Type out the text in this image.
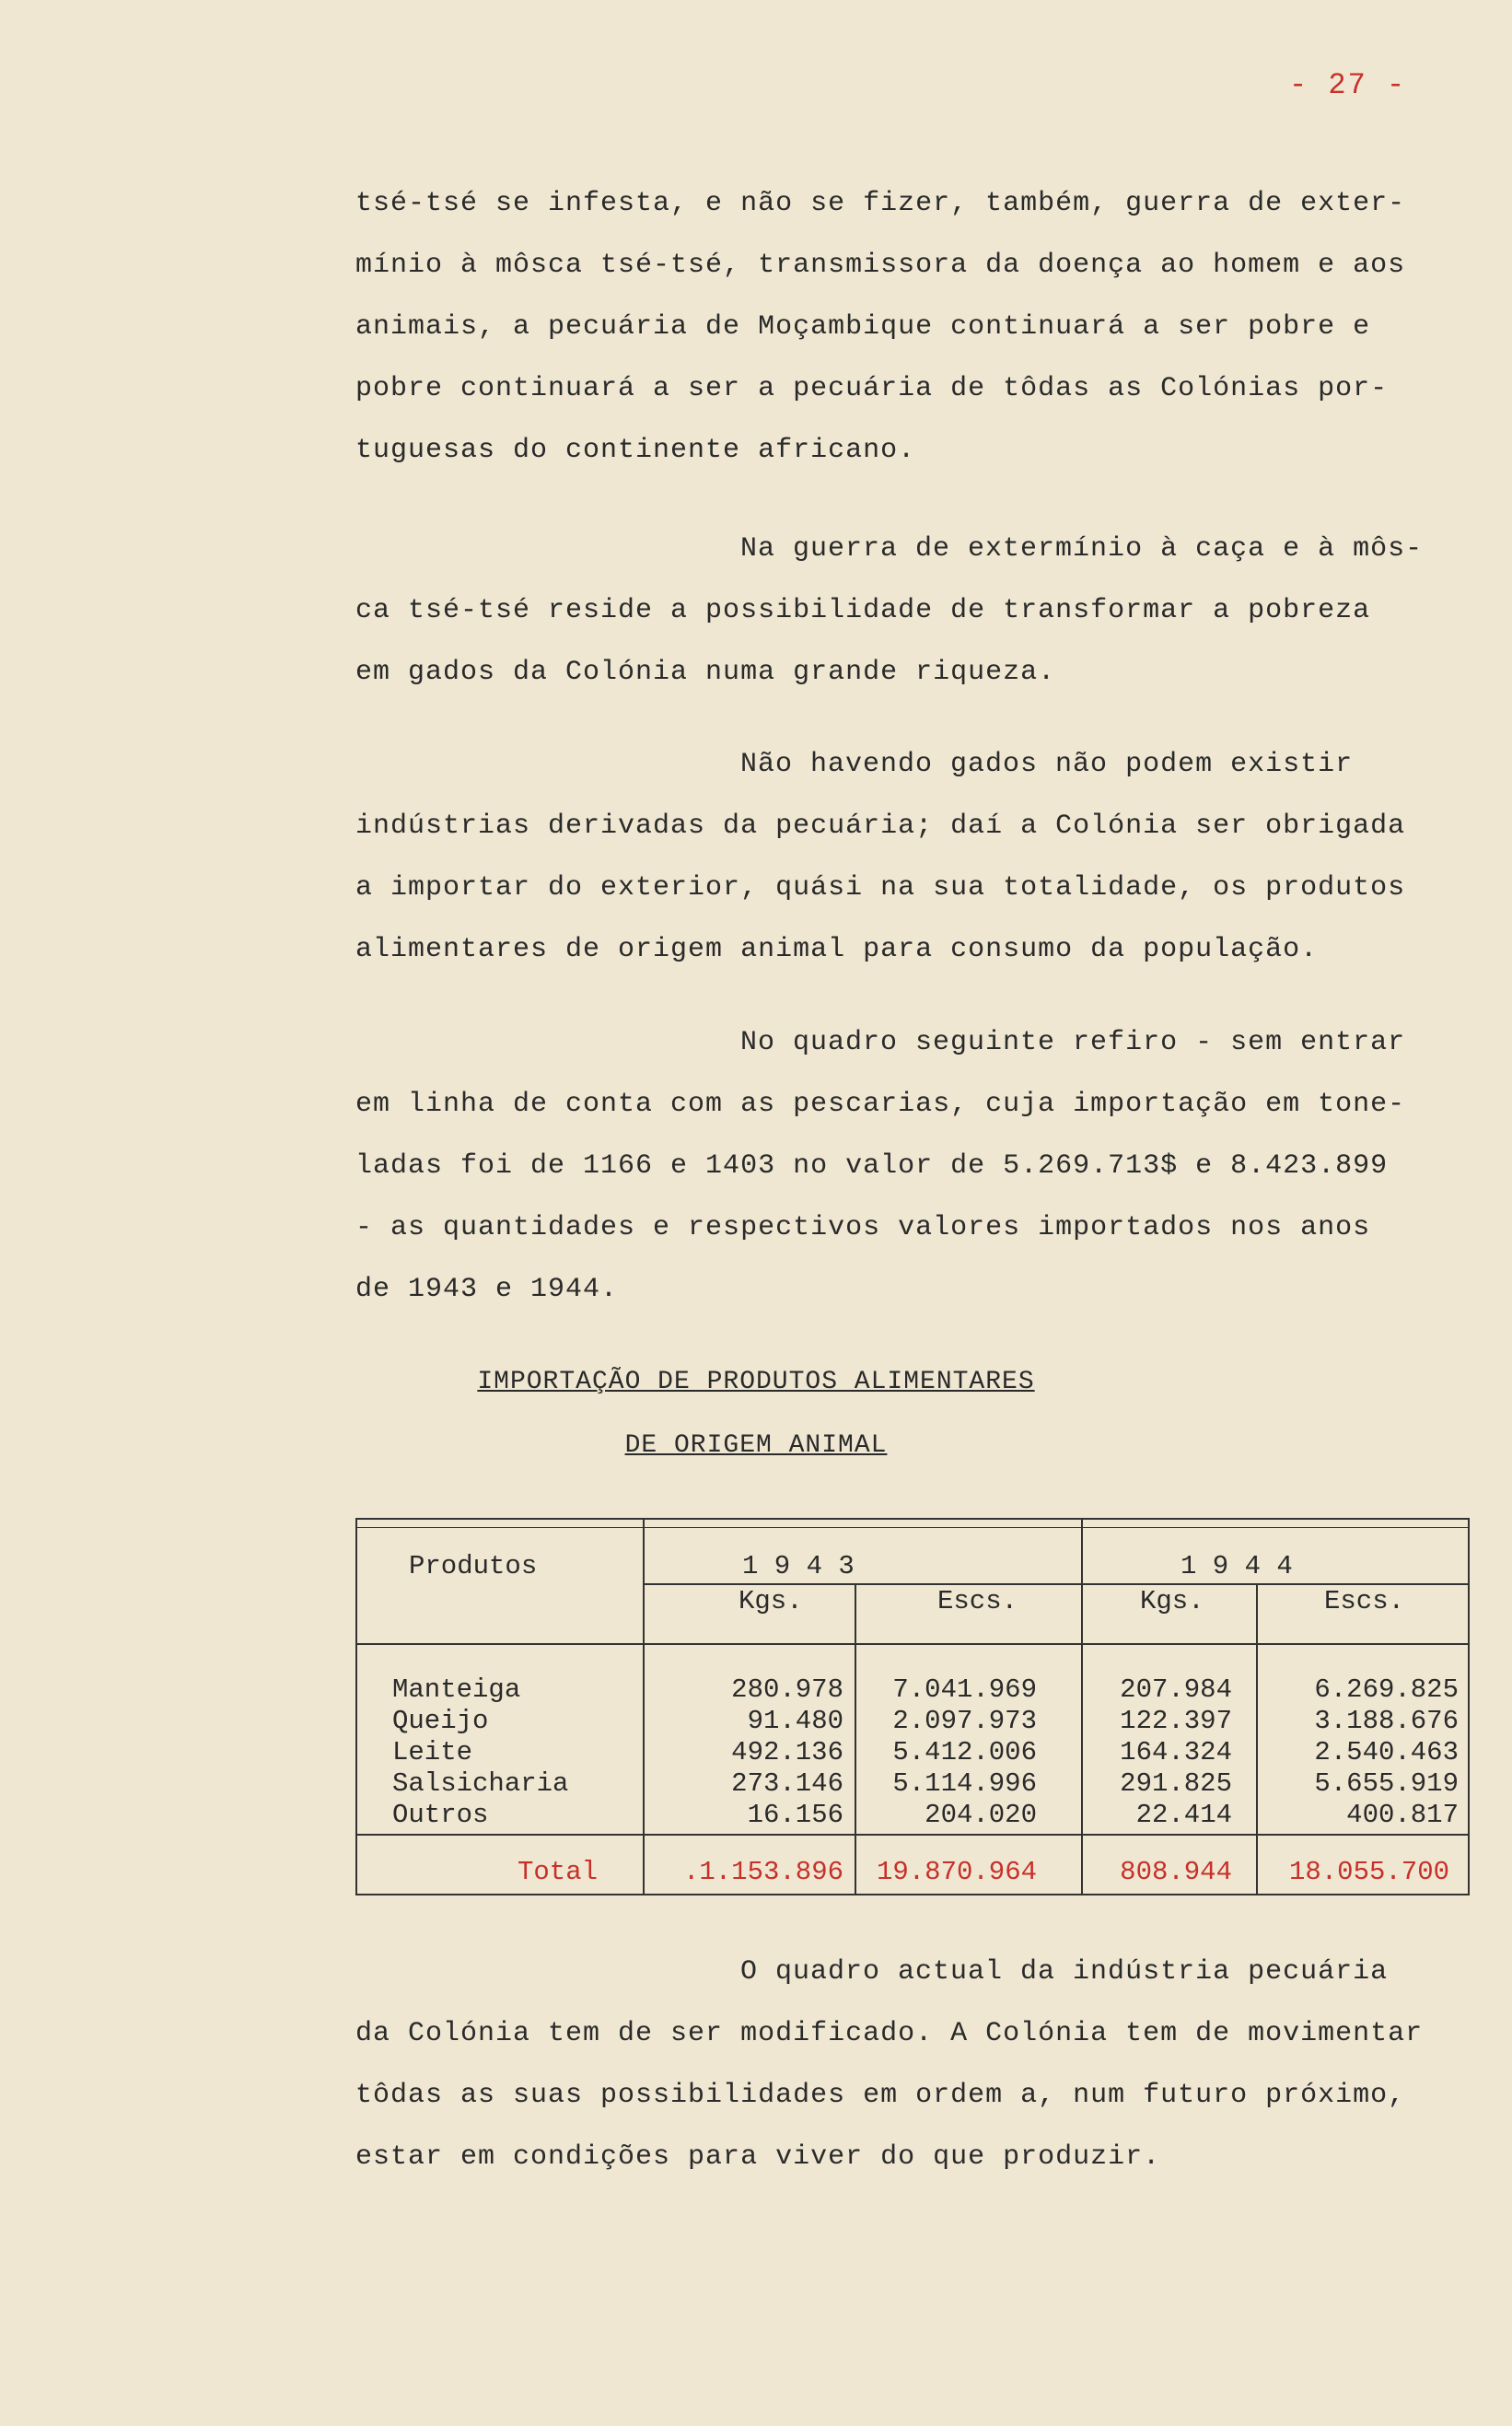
- 27 -
tsé-tsé se infesta, e não se fizer, também, guerra de exter-
mínio à môsca tsé-tsé, transmissora da doença ao homem e aos
animais, a pecuária de Moçambique continuará a ser pobre e
pobre continuará a ser a pecuária de tôdas as Colónias por-
tuguesas do continente africano.
Na guerra de extermínio à caça e à môs-
ca tsé-tsé reside a possibilidade de transformar a pobreza
em gados da Colónia numa grande riqueza.
Não havendo gados não podem existir
indústrias derivadas da pecuária; daí a Colónia ser obrigada
a importar do exterior, quási na sua totalidade, os produtos
alimentares de origem animal para consumo da população.
No quadro seguinte refiro - sem entrar
em linha de conta com as pescarias, cuja importação em tone-
ladas foi de 1166 e 1403 no valor de 5.269.713$ e 8.423.899
- as quantidades e respectivos valores importados nos anos
de 1943 e 1944.
IMPORTAÇÃO DE PRODUTOS ALIMENTARES
DE ORIGEM ANIMAL
Produtos	1 9 4 3	1 9 4 4
Kgs.	Escs.	Kgs.	Escs.
Manteiga	280.978	7.041.969	207.984	6.269.825
Queijo	91.480	2.097.973	122.397	3.188.676
Leite	492.136	5.412.006	164.324	2.540.463
Salsicharia	273.146	5.114.996	291.825	5.655.919
Outros	16.156	204.020	22.414	400.817
Total	.1.153.896 19.870.964	808.944	18.055.700
O quadro actual da indústria pecuária
da Colónia tem de ser modificado. A Colónia tem de movimentar
tôdas as suas possibilidades em ordem a, num futuro próximo,
estar em condições para viver do que produzir.
